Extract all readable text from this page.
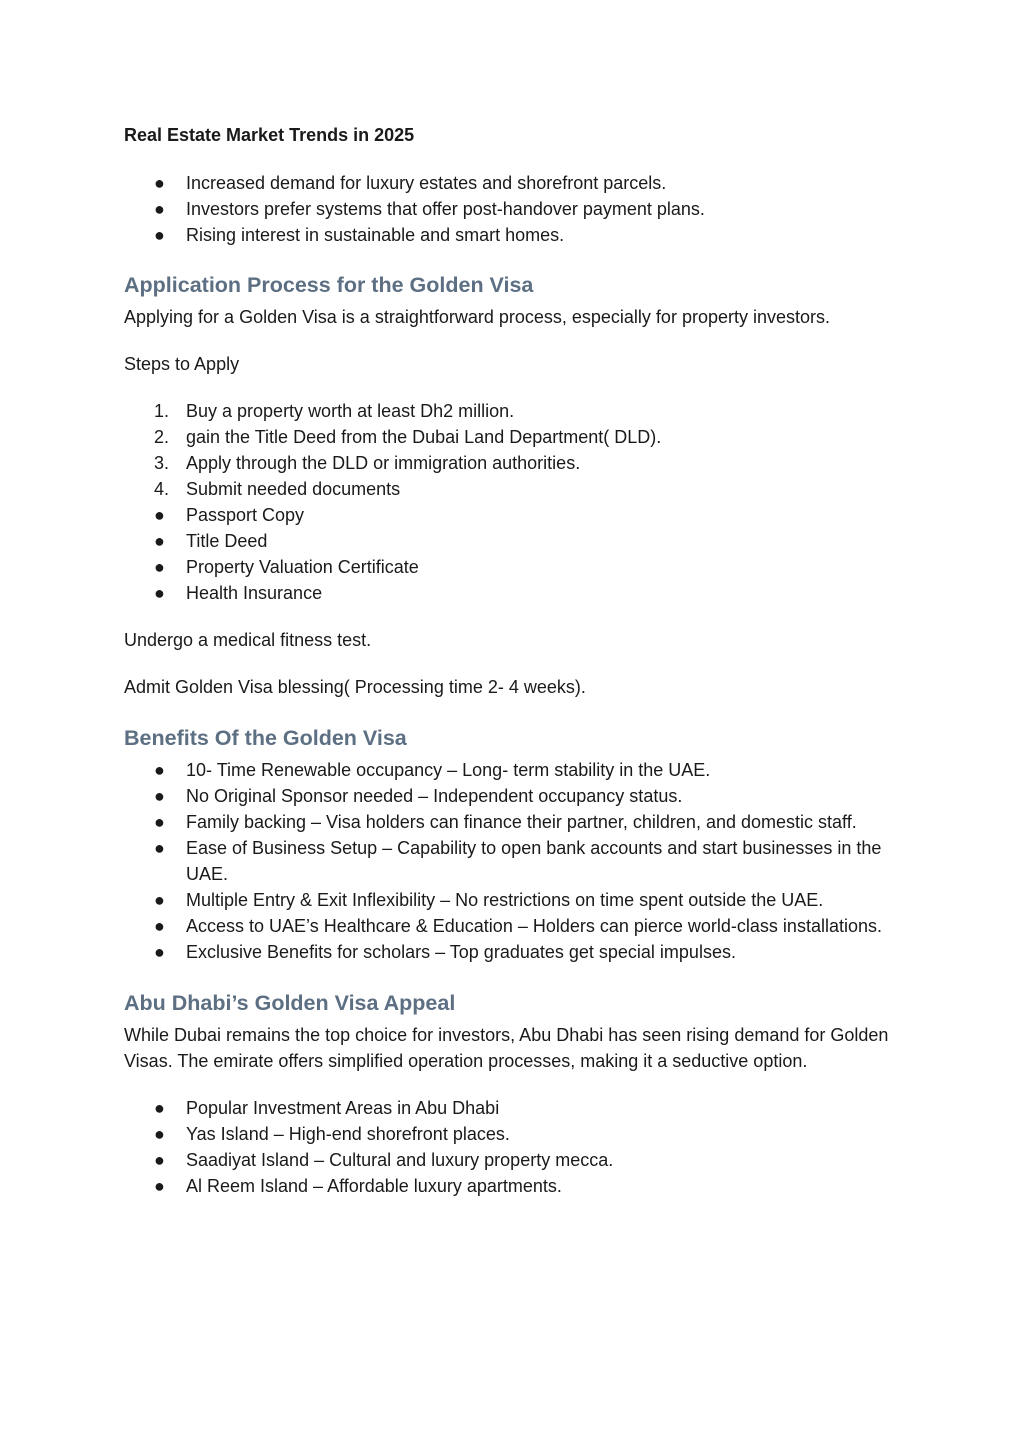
Real Estate Market Trends in 2025
●	Increased demand for luxury estates and shorefront parcels.
●	Investors prefer systems that offer post-handover payment plans.
●	Rising interest in sustainable and smart homes.
Application Process for the Golden Visa

Applying for a Golden Visa is a straightforward process, especially for property investors.

Steps to Apply

1. Buy a property worth at least Dh2 million.
2. gain the Title Deed from the Dubai Land Department( DLD).
3. Apply through the DLD or immigration authorities.
4. Submit needed documents
●	Passport Copy
●	Title Deed
●	Property Valuation Certificate
●	Health Insurance

Undergo a medical fitness test.

Admit Golden Visa blessing( Processing time 2- 4 weeks).

Benefits Of the Golden Visa
●	10- Time Renewable occupancy – Long- term stability in the UAE.
●	No Original Sponsor needed – Independent occupancy status.
●	Family backing – Visa holders can finance their partner, children, and domestic staff.
●	Ease of Business Setup – Capability to open bank accounts and start businesses in the UAE.
●	Multiple Entry & Exit Inflexibility – No restrictions on time spent outside the UAE.
●	Access to UAE’s Healthcare & Education – Holders can pierce world-class installations.
●	Exclusive Benefits for scholars – Top graduates get special impulses.
Abu Dhabi’s Golden Visa Appeal

While Dubai remains the top choice for investors, Abu Dhabi has seen rising demand for Golden Visas. The emirate offers simplified operation processes, making it a seductive option.

●	Popular Investment Areas in Abu Dhabi
●	Yas Island – High-end shorefront places.
●	Saadiyat Island – Cultural and luxury property mecca.
●	Al Reem Island – Affordable luxury apartments.
